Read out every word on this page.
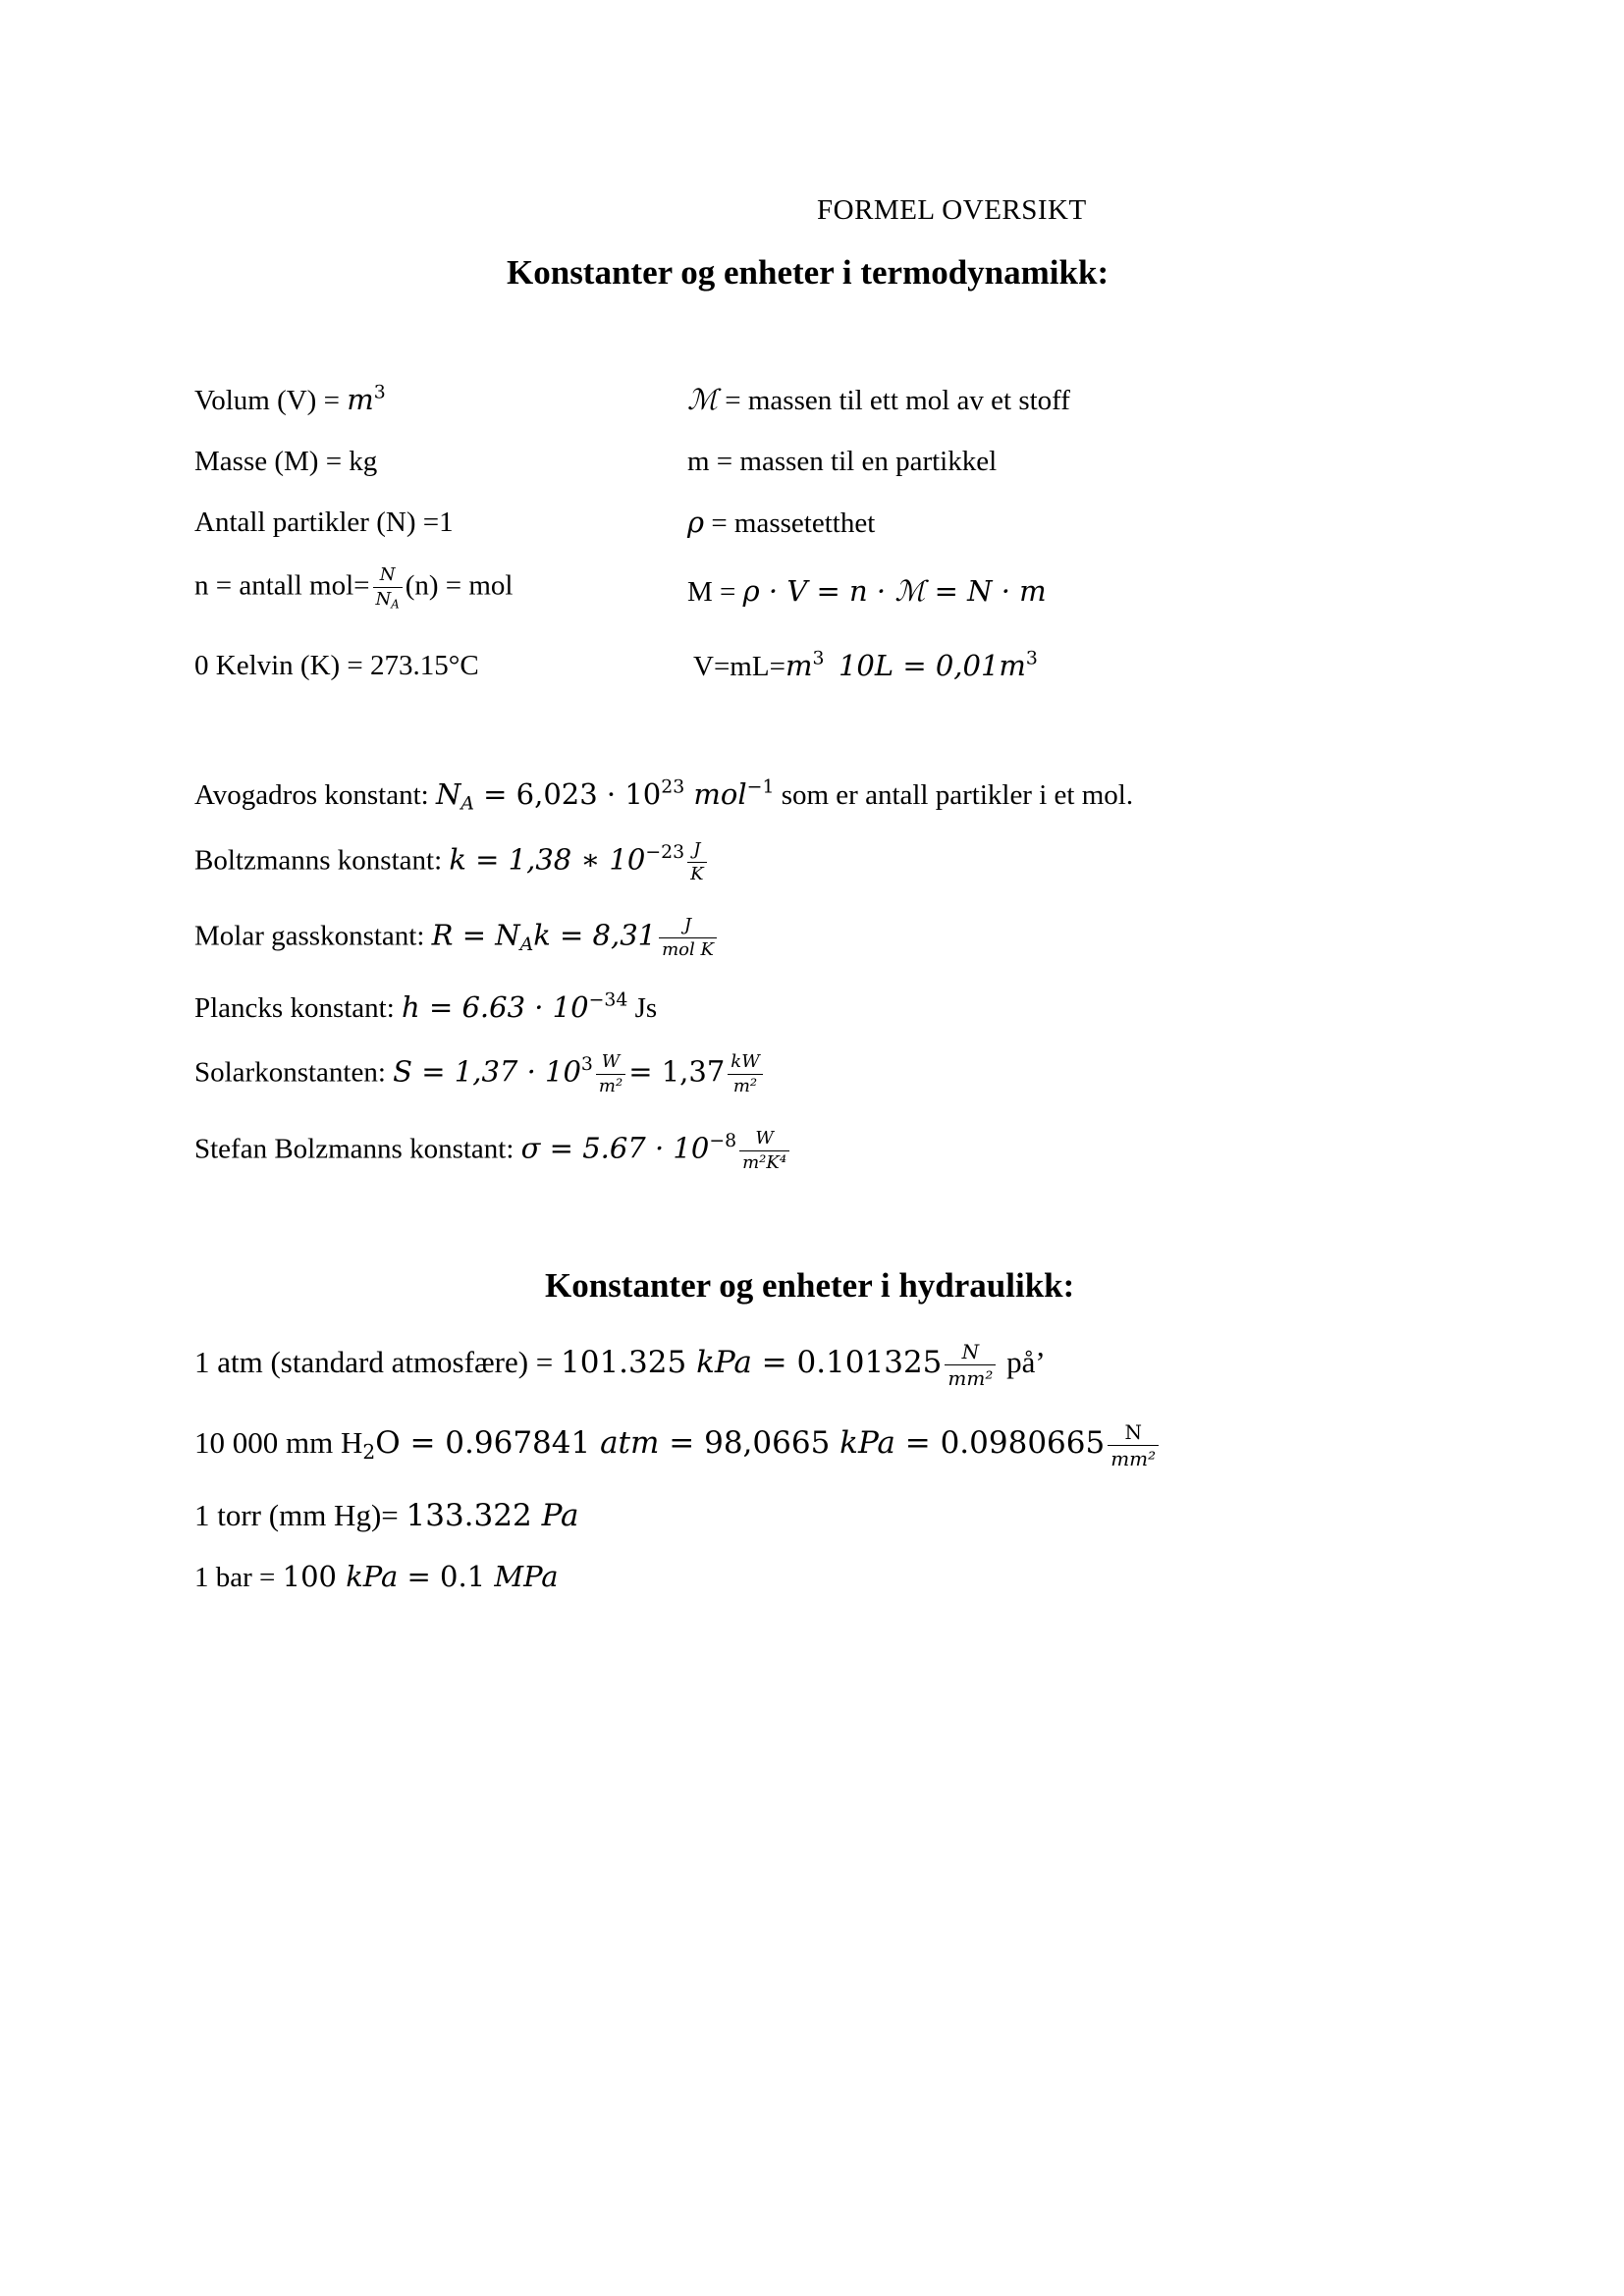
FORMEL OVERSIKT
Konstanter og enheter i termodynamikk:
Volum $(V) = m^3$
Masse (M) = kg
Antall partikler (N) =1
n = antall $mol= \frac{N}{N_A} (n)$ = mol
0 Kelvin (K) = 273.15°C
ℳ = massen til ett mol av et stoff
m = massen til en partikkel
ρ = massetetthet
M = ρ · V = n · ℳ = N · m
$V=mL=m^3$ $10L = 0,01m^3$
Avogadros konstant: $N_A = 6,023 \cdot 10^{23}$ mol$^{-1}$ som er antall partikler i et mol.
Boltzmanns konstant: k = 1,38 ∗ $10^{-23} \frac{J}{K}$
Molar gasskonstant: $R = N_Ak = 8,31 \frac{J}{\text{mol K}}$
Plancks konstant: $h = 6.63 \cdot 10^{-34}$ Js
Solarkonstanten: $S = 1,37 \cdot 10^3 \frac{W}{\text{m²}} = 1,37 \frac{kW}{\text{m²}}$
Stefan Bolzmanns konstant: $\sigma = 5.67 \cdot 10^{-8} \frac{W}{\text{m²K⁴}}$
Konstanter og enheter i hydraulikk:
1 atm (standard atmosfære) = 101.325 kPa = $0.101325 \frac{N}{\text{mm²}}$ på’
10 000 mm $H_2O = 0.967841$ atm = 98,0665 kPa = $0.0980665 \frac{N}{\text{mm²}}$
1 torr (mm Hg)= 133.322 Pa
1 bar = 100 kPa = 0.1 MPa
